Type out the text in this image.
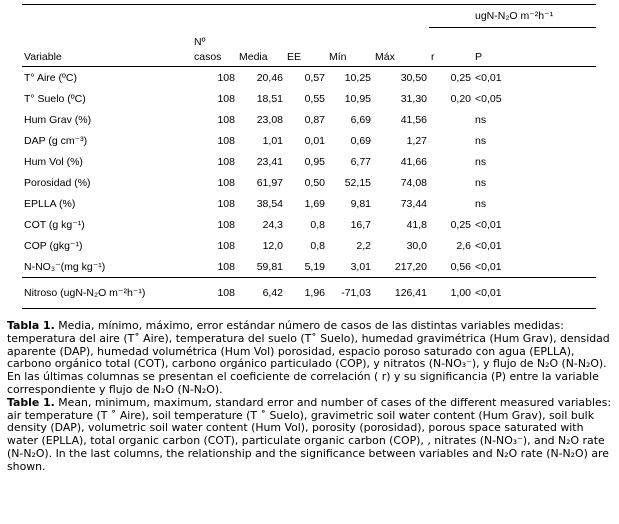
							ugN-N₂O m⁻²h⁻¹	
	Nº							
Variable	casos	Media	EE	Mín	Máx	r	P	
T° Aire (ºC)	108	20,46	0,57	10,25	30,50	0,25	<0,01	
T° Suelo (ºC)	108	18,51	0,55	10,95	31,30	0,20	<0,05	
Hum Grav (%)	108	23,08	0,87	6,69	41,56		ns	
DAP (g cm⁻³)	108	1,01	0,01	0,69	1,27		ns	
Hum Vol (%)	108	23,41	0,95	6,77	41,66		ns	
Porosidad (%)	108	61,97	0,50	52,15	74,08		ns	
EPLLA (%)	108	38,54	1,69	9,81	73,44		ns	
COT (g kg⁻¹)	108	24,3	0,8	16,7	41,8	0,25	<0,01	
COP (gkg⁻¹)	108	12,0	0,8	2,2	30,0	2,6	<0,01	
N-NO₃⁻(mg kg⁻¹)	108	59,81	5,19	3,01	217,20	0,56	<0,01	
Nitroso (ugN-N₂O m⁻²h⁻¹)	108	6,42	1,96	-71,03	126,41	1,00	<0,01	

Tabla 1. Media, mínimo, máximo, error estándar número de casos de las distintas variables medidas: temperatura del aire (T˚ Aire), temperatura del suelo (T˚ Suelo), humedad gravimétrica (Hum Grav), densidad aparente (DAP), humedad volumétrica (Hum Vol) porosidad, espacio poroso saturado con agua (EPLLA), carbono orgánico total (COT), carbono orgánico particulado (COP), y nitratos (N-NO₃⁻), y flujo de N₂O (N-N₂O). En las últimas columnas se presentan el coeficiente de correlación ( r) y su significancia (P) entre la variable correspondiente y flujo de N₂O (N-N₂O).

Table 1. Mean, minimum, maximum, standard error and number of cases of the different measured variables: air temperature (T ˚ Aire), soil temperature (T ˚ Suelo), gravimetric soil water content (Hum Grav), soil bulk density (DAP), volumetric soil water content (Hum Vol), porosity (porosidad), porous space saturated with water (EPLLA), total organic carbon (COT), particulate organic carbon (COP), , nitrates (N-NO₃⁻), and N₂O rate (N-N₂O). In the last columns, the relationship and the significance between variables and N₂O rate (N-N₂O) are shown.
